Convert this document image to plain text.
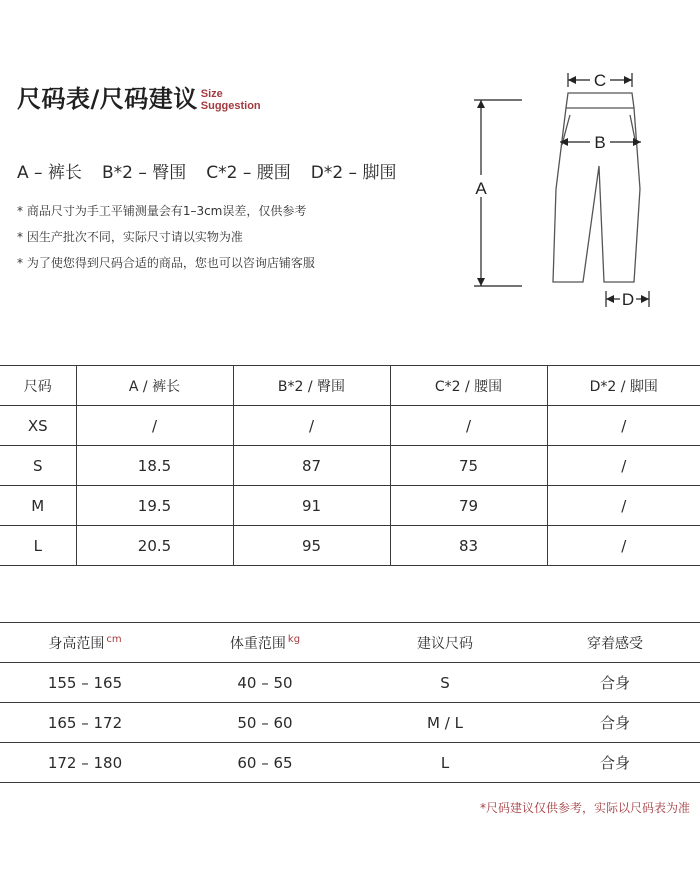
尺码表/尺码建议 Size
Suggestion
A – 裤长 B*2 – 臀围 C*2 – 腰围 D*2 – 脚围
* 商品尺寸为手工平铺测量会有1–3cm误差，仅供参考
* 因生产批次不同，实际尺寸请以实物为准
* 为了使您得到尺码合适的商品，您也可以咨询店铺客服
A
C
B
D
尺码	A / 裤长	B*2 / 臀围	C*2 / 腰围	D*2 / 脚围
XS	/	/	/	/
S	18.5	87	75	/
M	19.5	91	79	/
L	20.5	95	83	/
身高范围 $^{cm}$	体重范围 $^{kg}$	建议尺码	穿着感受
155 – 165	40 – 50	S	合身
165 – 172	50 – 60	M / L	合身
172 – 180	60 – 65	L	合身
*尺码建议仅供参考，实际以尺码表为准
